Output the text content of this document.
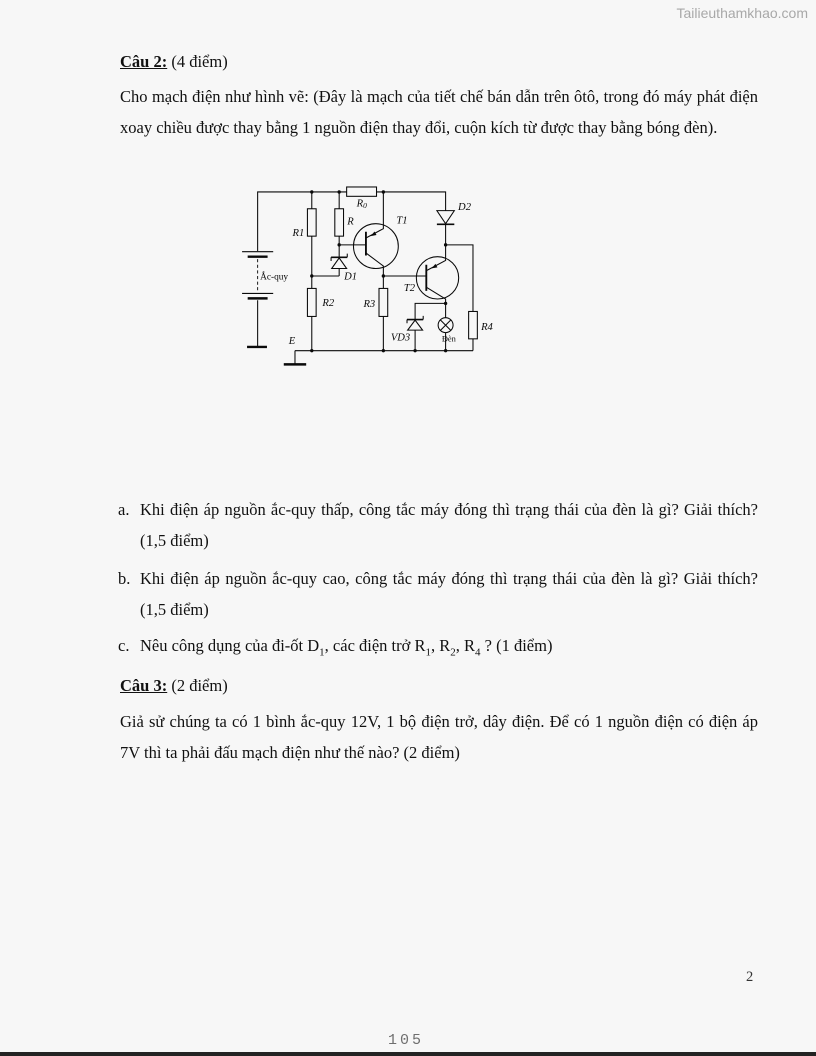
Tailieuthamkhao.com
Câu 2: (4 điểm)

Cho mạch điện như hình vẽ: (Đây là mạch của tiết chế bán dẫn trên ôtô, trong đó máy phát điện xoay chiều được thay bằng 1 nguồn điện thay đổi, cuộn kích từ được thay bằng bóng đèn).

Ắc-quy
R0
R1
R
D1
R2
T1
D2
T2
R3
VD3 Đèn
R4
E
a. Khi điện áp nguồn ắc-quy thấp, công tắc máy đóng thì trạng thái của đèn là gì? Giải thích? (1,5 điểm)
b. Khi điện áp nguồn ắc-quy cao, công tắc máy đóng thì trạng thái của đèn là gì? Giải thích? (1,5 điểm)
c. Nêu công dụng của đi-ốt $D_1$, các điện trở $R_1$, $R_2$, $R_4$ ? (1 điểm)
Câu 3: (2 điểm)

Giả sử chúng ta có 1 bình ắc-quy 12V, 1 bộ điện trở, dây điện. Để có 1 nguồn điện có điện áp 7V thì ta phải đấu mạch điện như thế nào? (2 điểm)

2
105
